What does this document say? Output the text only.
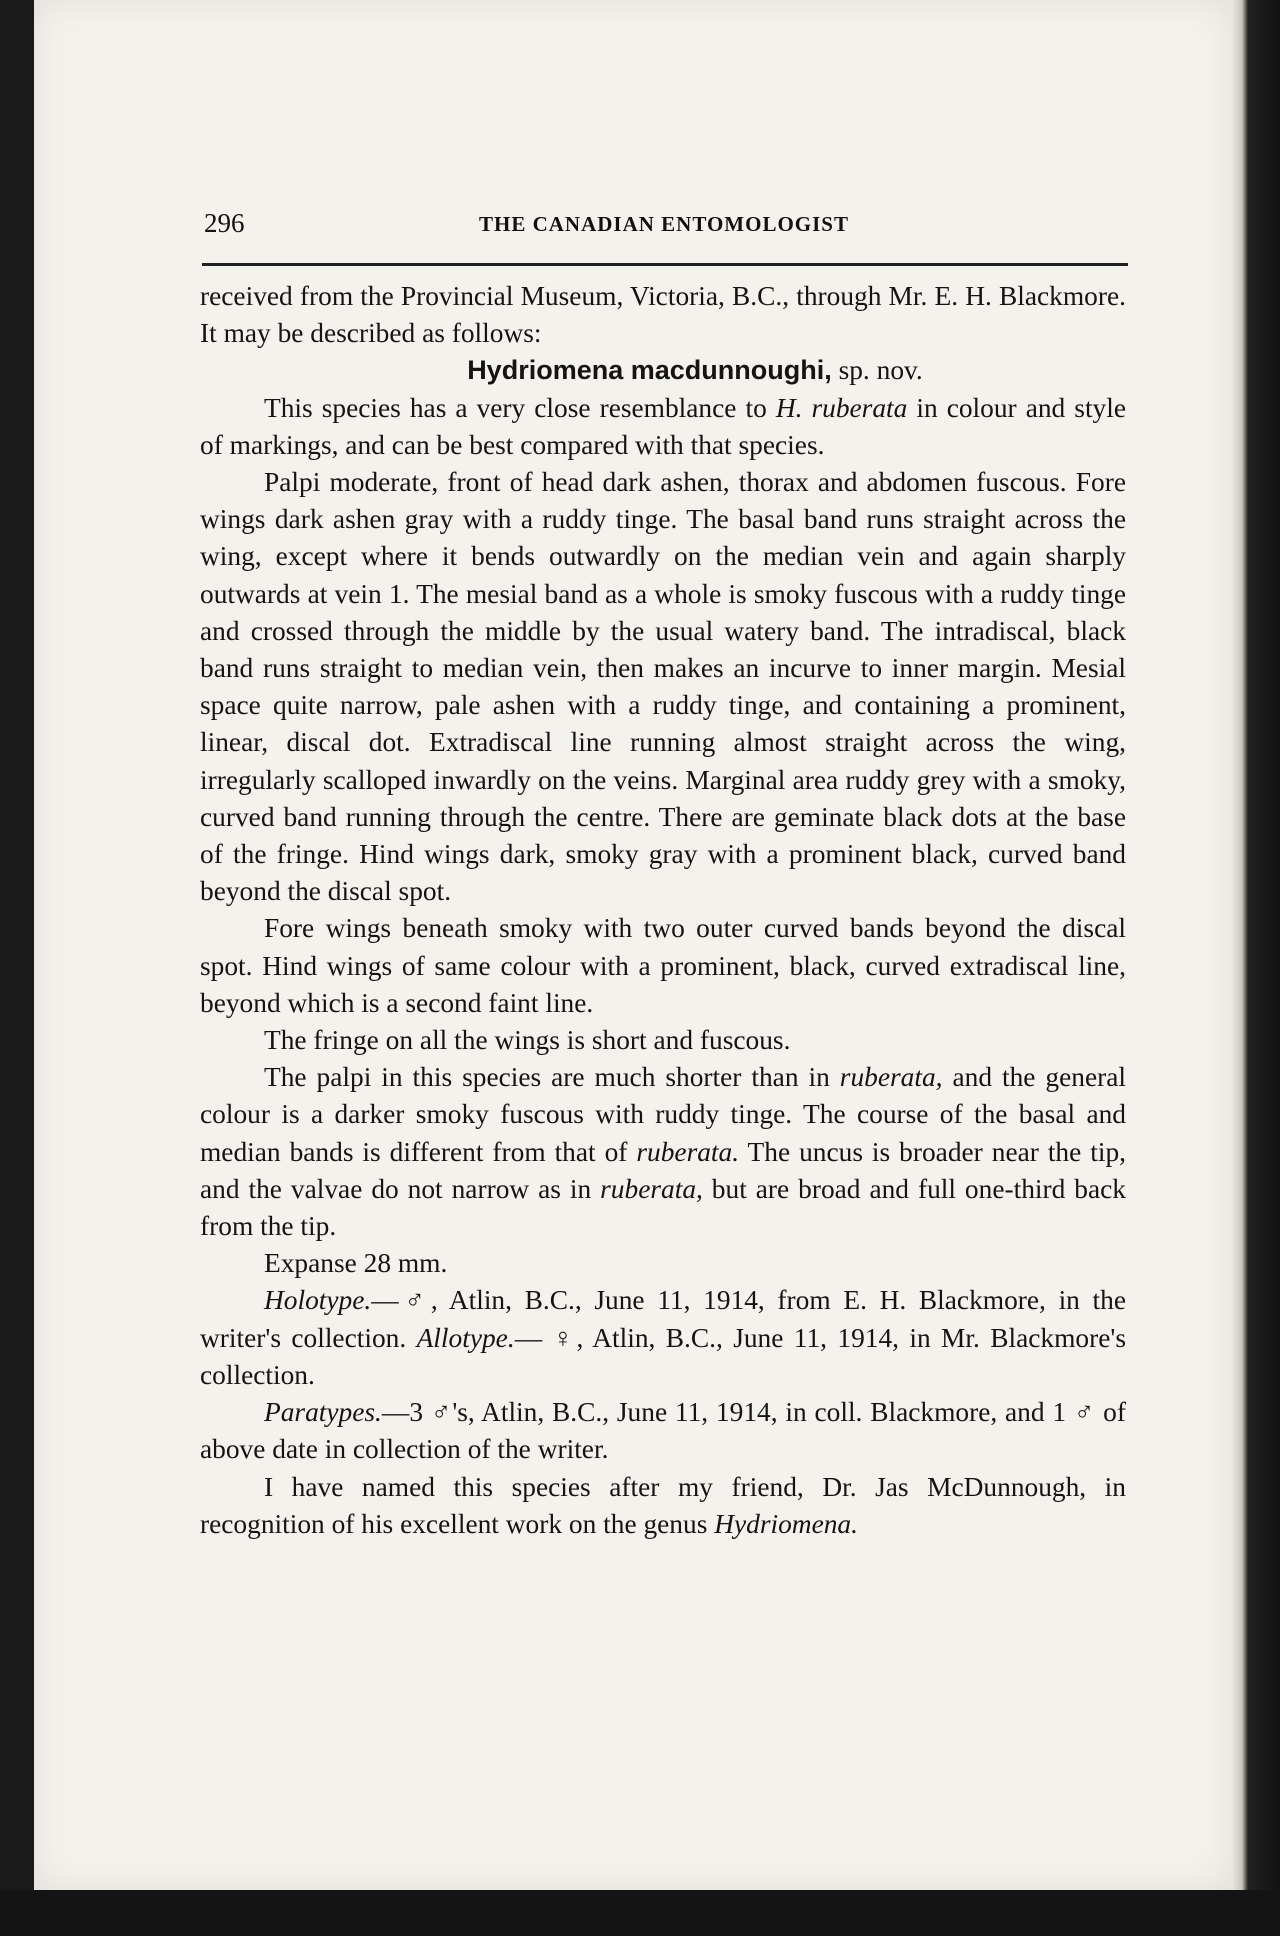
296	THE CANADIAN ENTOMOLOGIST

received from the Provincial Museum, Victoria, B.C., through Mr. E. H. Blackmore. It may be described as follows:

Hydriomena macdunnoughi, sp. nov.

This species has a very close resemblance to H. ruberata in colour and style of markings, and can be best compared with that species.

Palpi moderate, front of head dark ashen, thorax and abdomen fuscous. Fore wings dark ashen gray with a ruddy tinge. The basal band runs straight across the wing, except where it bends outwardly on the median vein and again sharply outwards at vein 1. The mesial band as a whole is smoky fuscous with a ruddy tinge and crossed through the middle by the usual watery band. The intradiscal, black band runs straight to median vein, then makes an incurve to inner margin. Mesial space quite narrow, pale ashen with a ruddy tinge, and containing a prominent, linear, discal dot. Extradiscal line running almost straight across the wing, irregularly scalloped inwardly on the veins. Marginal area ruddy grey with a smoky, curved band running through the centre. There are geminate black dots at the base of the fringe. Hind wings dark, smoky gray with a prominent black, curved band beyond the discal spot.

Fore wings beneath smoky with two outer curved bands beyond the discal spot. Hind wings of same colour with a prominent, black, curved extradiscal line, beyond which is a second faint line.

The fringe on all the wings is short and fuscous.

The palpi in this species are much shorter than in ruberata, and the general colour is a darker smoky fuscous with ruddy tinge. The course of the basal and median bands is different from that of ruberata. The uncus is broader near the tip, and the valvae do not narrow as in ruberata, but are broad and full one-third back from the tip.

Expanse 28 mm.

Holotype.—♂, Atlin, B.C., June 11, 1914, from E. H. Blackmore, in the writer's collection. Allotype.— ♀, Atlin, B.C., June 11, 1914, in Mr. Blackmore's collection.

Paratypes.—3 ♂'s, Atlin, B.C., June 11, 1914, in coll. Blackmore, and 1 ♂ of above date in collection of the writer.

I have named this species after my friend, Dr. Jas McDunnough, in recognition of his excellent work on the genus Hydriomena.
